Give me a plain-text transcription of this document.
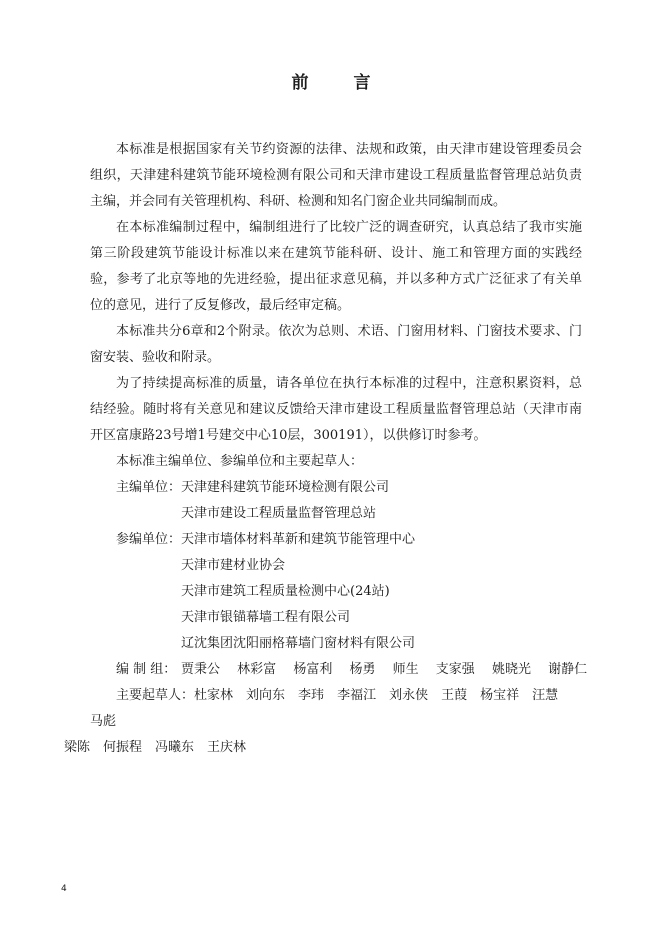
前　言

本标准是根据国家有关节约资源的法律、法规和政策，由天津市建设管理委员会组织，天津建科建筑节能环境检测有限公司和天津市建设工程质量监督管理总站负责主编，并会同有关管理机构、科研、检测和知名门窗企业共同编制而成。

在本标准编制过程中，编制组进行了比较广泛的调查研究，认真总结了我市实施第三阶段建筑节能设计标准以来在建筑节能科研、设计、施工和管理方面的实践经验，参考了北京等地的先进经验，提出征求意见稿，并以多种方式广泛征求了有关单位的意见，进行了反复修改，最后经审定稿。

本标准共分6章和2个附录。依次为总则、术语、门窗用材料、门窗技术要求、门窗安装、验收和附录。

为了持续提高标准的质量，请各单位在执行本标准的过程中，注意积累资料，总结经验。随时将有关意见和建议反馈给天津市建设工程质量监督管理总站（天津市南开区富康路23号增1号建交中心10层，300191），以供修订时参考。

本标准主编单位、参编单位和主要起草人：

主编单位： 天津建科建筑节能环境检测有限公司
天津市建设工程质量监督管理总站
参编单位： 天津市墙体材料革新和建筑节能管理中心
天津市建材业协会
天津市建筑工程质量检测中心(24站)
天津市银锚幕墙工程有限公司
辽沈集团沈阳丽格幕墙门窗材料有限公司
编 制 组： 贾秉公 林彩富 杨富利 杨勇 师生 支家强 姚晓光 谢静仁

主要起草人：杜家林 刘向东 李玮 李福江 刘永侠 王葭 杨宝祥 汪慧马彪
梁陈 何振程 冯曦东 王庆林

4
